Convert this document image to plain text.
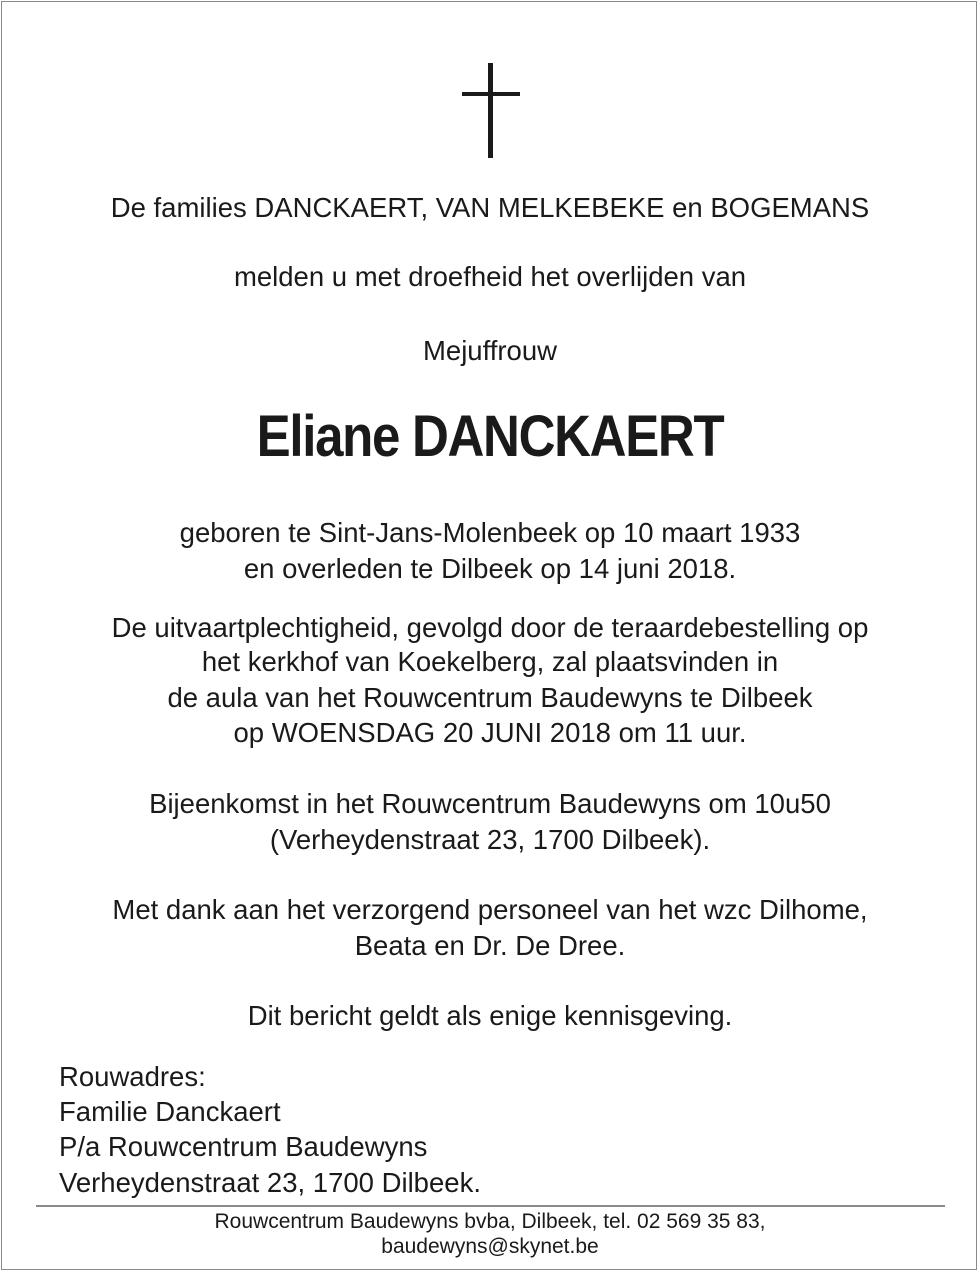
De families DANCKAERT, VAN MELKEBEKE en BOGEMANS
melden u met droefheid het overlijden van
Mejuffrouw
Eliane DANCKAERT
geboren te Sint-Jans-Molenbeek op 10 maart 1933
en overleden te Dilbeek op 14 juni 2018.
De uitvaartplechtigheid, gevolgd door de teraardebestelling op
het kerkhof van Koekelberg, zal plaatsvinden in
de aula van het Rouwcentrum Baudewyns te Dilbeek
op WOENSDAG 20 JUNI 2018 om 11 uur.
Bijeenkomst in het Rouwcentrum Baudewyns om 10u50
(Verheydenstraat 23, 1700 Dilbeek).
Met dank aan het verzorgend personeel van het wzc Dilhome,
Beata en Dr. De Dree.
Dit bericht geldt als enige kennisgeving.
Rouwadres:
Familie Danckaert
P/a Rouwcentrum Baudewyns
Verheydenstraat 23, 1700 Dilbeek.
Rouwcentrum Baudewyns bvba, Dilbeek, tel. 02 569 35 83,
baudewyns@skynet.be
